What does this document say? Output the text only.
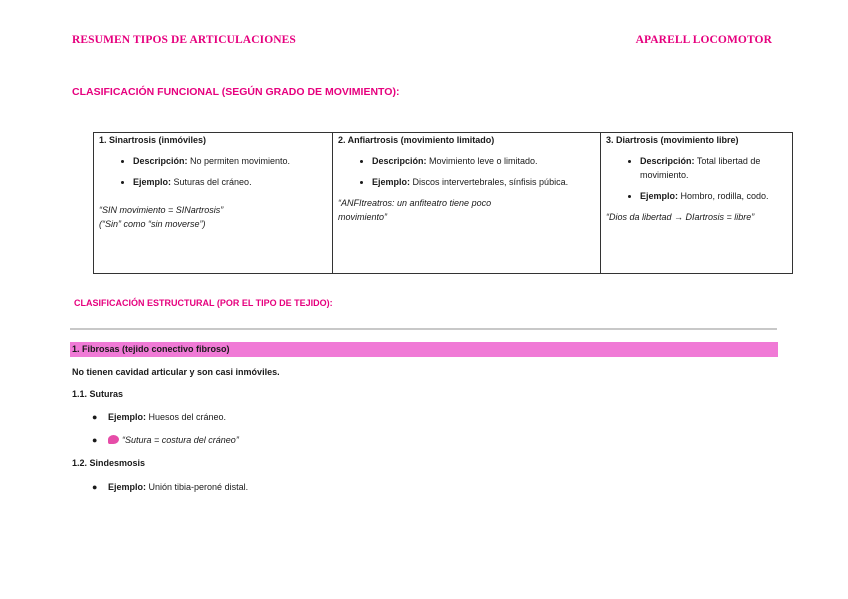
RESUMEN TIPOS DE ARTICULACIONES	APARELL LOCOMOTOR
CLASIFICACIÓN FUNCIONAL (SEGÚN GRADO DE MOVIMIENTO):
1. Sinartrosis (inmóviles)
• Descripción: No permiten movimiento.
• Ejemplo: Suturas del cráneo.
“SIN movimiento = SINartrosis”
(“Sin” como “sin moverse”)

2. Anfiartrosis (movimiento limitado)
• Descripción: Movimiento leve o limitado.
• Ejemplo: Discos intervertebrales, sínfisis púbica.
“ANFItreatros: un anfiteatro tiene poco movimiento”

3. Diartrosis (movimiento libre)
• Descripción: Total libertad de movimiento.
• Ejemplo: Hombro, rodilla, codo.
“Dios da libertad → DIartrosis = libre”
CLASIFICACIÓN ESTRUCTURAL (POR EL TIPO DE TEJIDO):
1. Fibrosas (tejido conectivo fibroso)
No tienen cavidad articular y son casi inmóviles.
1.1. Suturas
● Ejemplo: Huesos del cráneo.
●	“Sutura = costura del cráneo”
1.2. Sindesmosis
● Ejemplo: Unión tibia-peroné distal.
